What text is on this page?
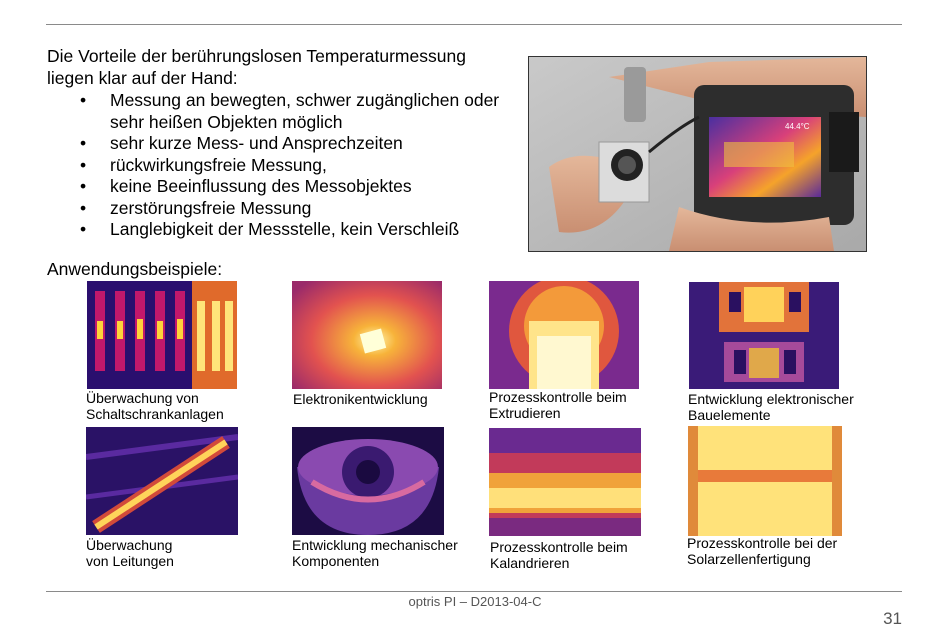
Die Vorteile der berührungslosen Temperaturmessung liegen klar auf der Hand:
• Messung an bewegten, schwer zugänglichen oder sehr heißen Objekten möglich
• sehr kurze Mess- und Ansprechzeiten
• rückwirkungsfreie Messung,
• keine Beeinflussung des Messobjektes
• zerstörungsfreie Messung
• Langlebigkeit der Messstelle, kein Verschleiß
44.4°C
Anwendungsbeispiele:
Überwachung von
Schaltschrankanlagen
Elektronikentwicklung	Prozesskontrolle beim
Extrudieren
Entwicklung elektronischer
Bauelemente
Überwachung
von Leitungen
Entwicklung mechanischer
Komponenten
Prozesskontrolle beim
Kalandrieren
Prozesskontrolle bei der
Solarzellenfertigung
optris PI – D2013-04-C
31
